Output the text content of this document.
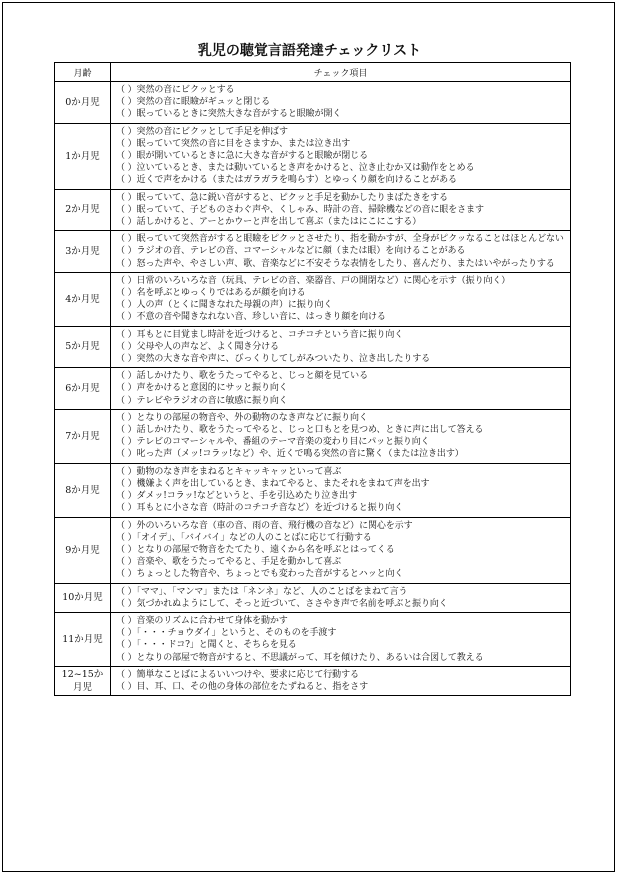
乳児の聴覚言語発達チェックリスト
月齢	チェック項目
0か月児	（ ）突然の音にビクッとする
（ ）突然の音に眼瞼がギュッと閉じる
（ ）眠っているときに突然大きな音がすると眼瞼が開く

1か月児	（ ）突然の音にビクッとして手足を伸ばす
（ ）眠っていて突然の音に目をさますか、または泣き出す
（ ）眼が開いているときに急に大きな音がすると眼瞼が閉じる
（ ）泣いているとき、または動いているとき声をかけると、泣き止むか又は動作をとめる
（ ）近くで声をかける（またはガラガラを鳴らす）とゆっくり顔を向けることがある

2か月児	（ ）眠っていて、急に鋭い音がすると、ピクッと手足を動かしたりまばたきをする
（ ）眠っていて、子どものさわぐ声や、くしゃみ、時計の音、掃除機などの音に眼をさます
（ ）話しかけると、アーとかウーと声を出して喜ぶ（またはにこにこする）

3か月児	（ ）眠っていて突然音がすると眼瞼をピクッとさせたり、指を動かすが、全身がピクッなることはほとんどない
（ ）ラジオの音、テレビの音、コマーシャルなどに顔（または眼）を向けることがある
（ ）怒った声や、やさしい声、歌、音楽などに不安そうな表情をしたり、喜んだり、またはいやがったりする

4か月児	（ ）日常のいろいろな音（玩具、テレビの音、楽器音、戸の開閉など）に関心を示す（振り向く）
（ ）名を呼ぶとゆっくりではあるが顔を向ける
（ ）人の声（とくに聞きなれた母親の声）に振り向く
（ ）不意の音や聞きなれない音、珍しい音に、はっきり顔を向ける

5か月児	（ ）耳もとに目覚まし時計を近づけると、コチコチという音に振り向く
（ ）父母や人の声など、よく聞き分ける
（ ）突然の大きな音や声に、びっくりしてしがみついたり、泣き出したりする

6か月児	（ ）話しかけたり、歌をうたってやると、じっと顔を見ている
（ ）声をかけると意図的にサッと振り向く
（ ）テレビやラジオの音に敏感に振り向く

7か月児	（ ）となりの部屋の物音や、外の動物のなき声などに振り向く
（ ）話しかけたり、歌をうたってやると、じっと口もとを見つめ、ときに声に出して答える
（ ）テレビのコマーシャルや、番組のテーマ音楽の変わり目にパッと振り向く
（ ）叱った声（メッ!コラッ!など）や、近くで鳴る突然の音に驚く（または泣き出す）

8か月児	（ ）動物のなき声をまねるとキャッキャッといって喜ぶ
（ ）機嫌よく声を出しているとき、まねてやると、またそれをまねて声を出す
（ ）ダメッ!コラッ!などというと、手を引込めたり泣き出す
（ ）耳もとに小さな音（時計のコチコチ音など）を近づけると振り向く

9か月児	（ ）外のいろいろな音（車の音、雨の音、飛行機の音など）に関心を示す
（ ）「オイデ」、「バイバイ」などの人のことばに応じて行動する
（ ）となりの部屋で物音をたてたり、遠くから名を呼ぶとはってくる
（ ）音楽や、歌をうたってやると、手足を動かして喜ぶ
（ ）ちょっとした物音や、ちょっとでも変わった音がするとハッと向く

10か月児	（ ）「ママ」、「マンマ」または「ネンネ」など、人のことばをまねて言う
（ ）気づかれぬようにして、そっと近づいて、ささやき声で名前を呼ぶと振り向く

11か月児	（ ）音楽のリズムに合わせて身体を動かす
（ ）「・・・チョウダイ」というと、そのものを手渡す
（ ）「・・・ドコ?」と聞くと、そちらを見る
（ ）となりの部屋で物音がすると、不思議がって、耳を傾けたり、あるいは合図して教える

12~15か月児	（ ）簡単なことばによるいいつけや、要求に応じて行動する
（ ）目、耳、口、その他の身体の部位をたずねると、指をさす
